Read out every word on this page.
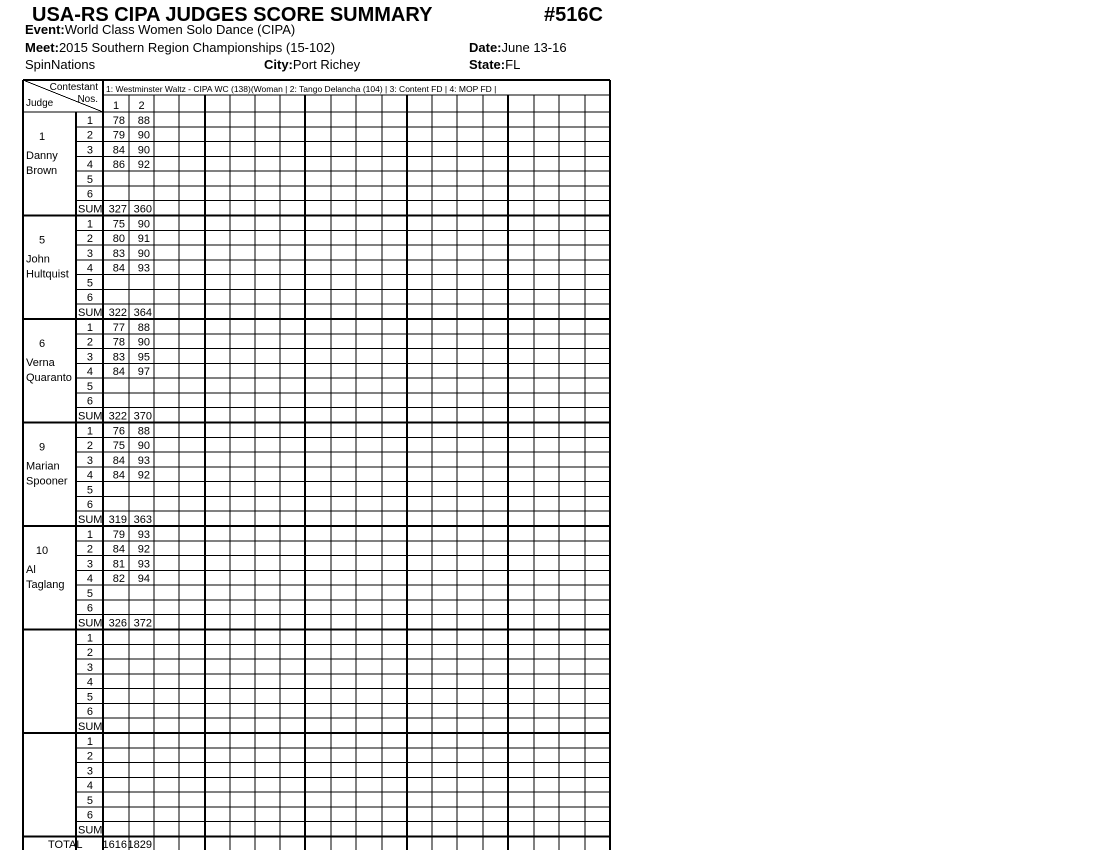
USA-RS CIPA JUDGES SCORE SUMMARY	#516C
Event:World Class Women Solo Dance (CIPA)
Meet:2015 Southern Region Championships (15-102)	Date:June 13-16
SpinNations	City:Port Richey	State:FL
Contestant
Nos.
Judge
1: Westminster Waltz - CIPA WC (138)(Woman | 2: Tango Delancha (104) | 3: Content FD | 4: MOP FD |
1 2
1
Danny
Brown
1 78 88
2 79 90
3 84 90
4 86 92
5
6
SUM 327 360
5
John
Hultquist
1 75 90
2 80 91
3 83 90
4 84 93
5
6
SUM 322 364
6
Verna
Quaranto
1 77 88
2 78 90
3 83 95
4 84 97
5
6
SUM 322 370
9
Marian
Spooner
1 76 88
2 75 90
3 84 93
4 84 92
5
6
SUM 319 363
10
Al
Taglang
1 79 93
2 84 92
3 81 93
4 82 94
5
6
SUM 326 372
1
2
3
4
5
6
SUM
1
2
3
4
5
6
SUM
TOTAL 1616 1829
